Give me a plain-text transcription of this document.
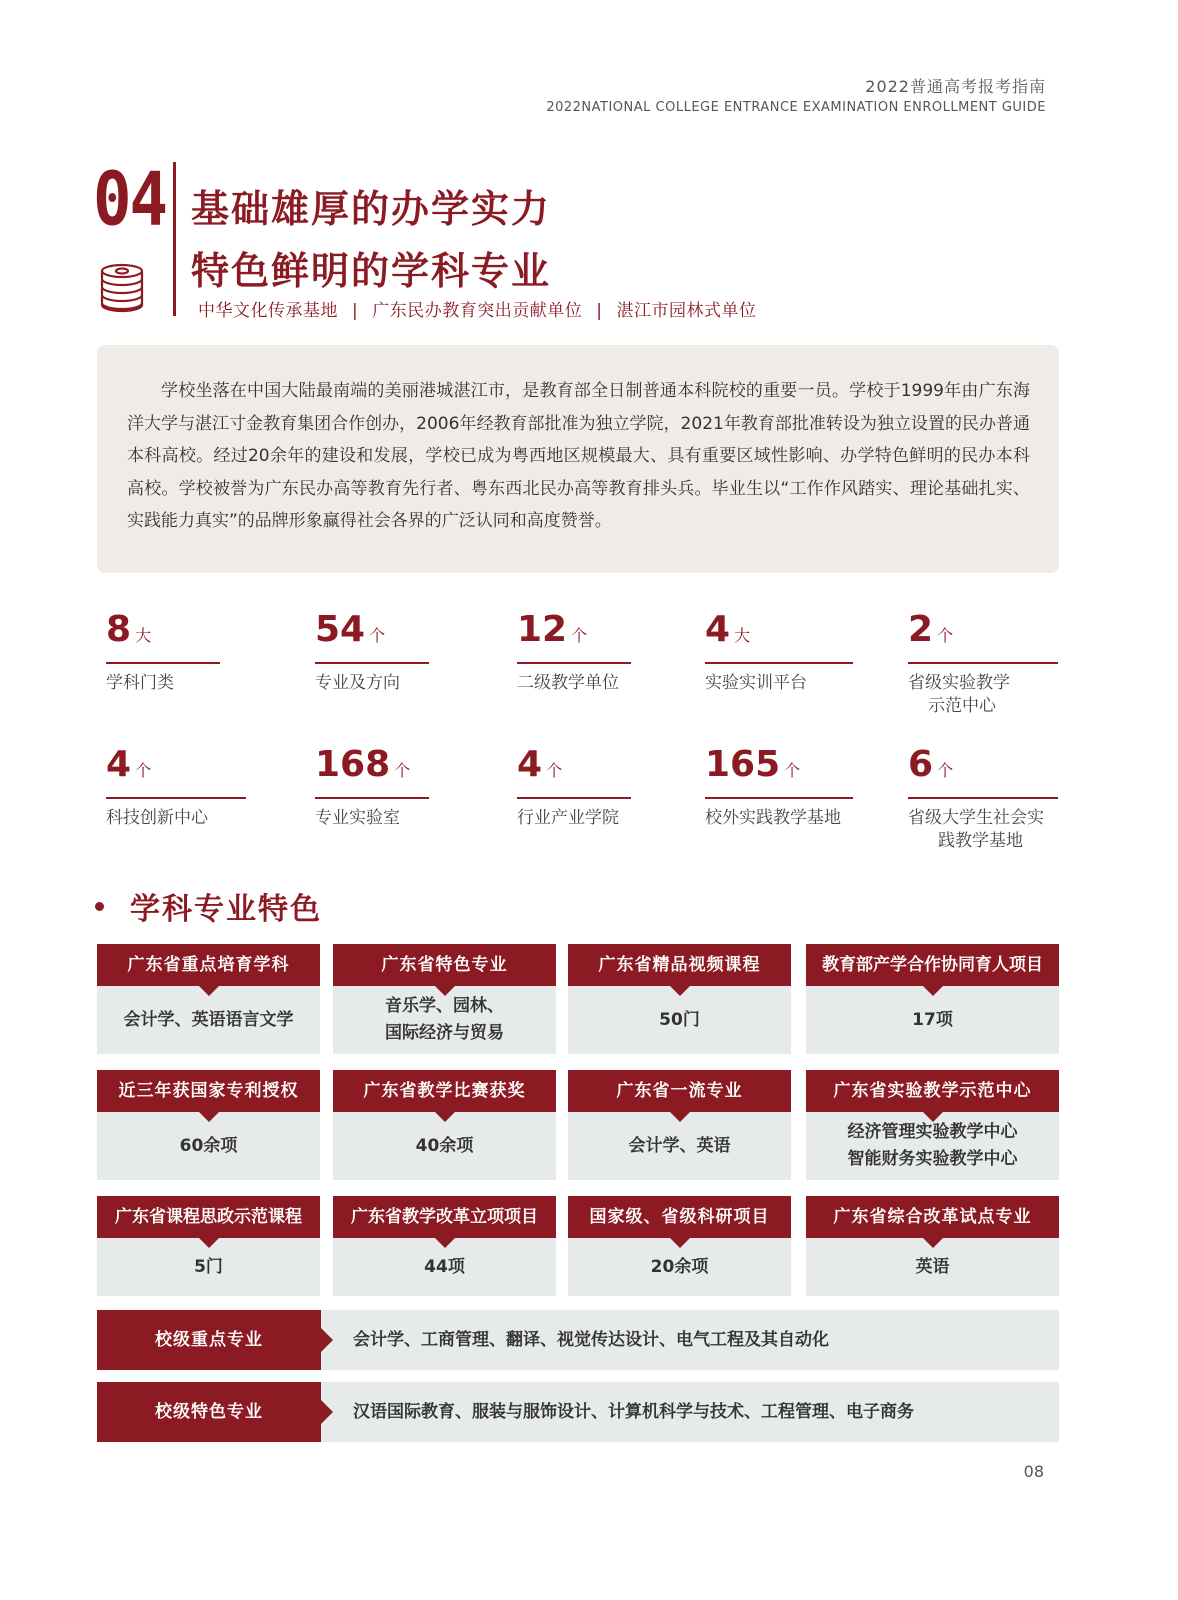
2022普通高考报考指南
2022NATIONAL COLLEGE ENTRANCE EXAMINATION ENROLLMENT GUIDE
04 基础雄厚的办学实力
特色鲜明的学科专业
中华文化传承基地 | 广东民办教育突出贡献单位 | 湛江市园林式单位

学校坐落在中国大陆最南端的美丽港城湛江市，是教育部全日制普通本科院校的重要一员。学校于1999年由广东海洋大学与湛江寸金教育集团合作创办，2006年经教育部批准为独立学院，2021年教育部批准转设为独立设置的民办普通本科高校。经过20余年的建设和发展，学校已成为粤西地区规模最大、具有重要区域性影响、办学特色鲜明的民办本科高校。学校被誉为广东民办高等教育先行者、粤东西北民办高等教育排头兵。毕业生以“工作作风踏实、理论基础扎实、实践能力真实”的品牌形象赢得社会各界的广泛认同和高度赞誉。

8 大
学科门类
54 个
专业及方向
12 个
二级教学单位
4 大
实验实训平台
2 个
省级实验教学
示范中心
4 个
科技创新中心
168 个
专业实验室
4 个
行业产业学院
165 个
校外实践教学基地
6 个
省级大学生社会实
践教学基地
学科专业特色
广东省重点培育学科
会计学、英语语言文学
广东省特色专业
音乐学、园林、
国际经济与贸易
广东省精品视频课程
50门
教育部产学合作协同育人项目
17项
近三年获国家专利授权
60余项
广东省教学比赛获奖
40余项
广东省一流专业
会计学、英语
广东省实验教学示范中心
经济管理实验教学中心
智能财务实验教学中心
广东省课程思政示范课程
5门
广东省教学改革立项项目
44项
国家级、省级科研项目
20余项
广东省综合改革试点专业
英语
校级重点专业	会计学、工商管理、翻译、视觉传达设计、电气工程及其自动化
校级特色专业	汉语国际教育、服装与服饰设计、计算机科学与技术、工程管理、电子商务
08
